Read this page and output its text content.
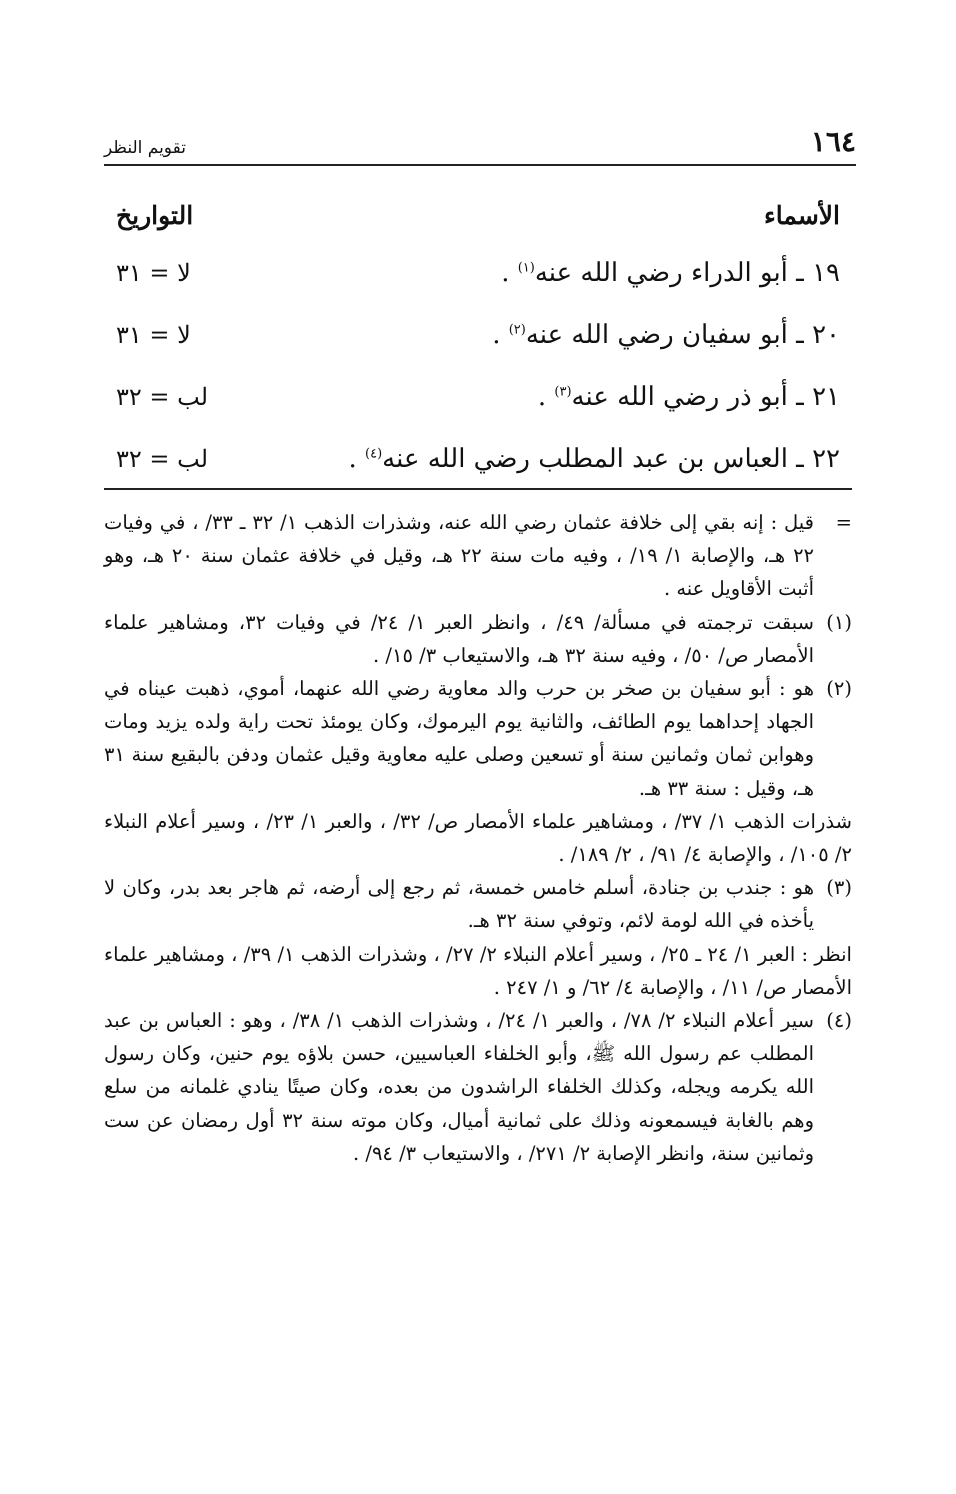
١٦٤
تقويم النظر
الأسماء
التواريخ
١٩ ـ أبو الدراء رضي الله عنه$^{(١)}$ .
لا = ٣١
٢٠ ـ أبو سفيان رضي الله عنه$^{(٢)}$ .
لا = ٣١
٢١ ـ أبو ذر رضي الله عنه$^{(٣)}$ .
لب = ٣٢
٢٢ ـ العباس بن عبد المطلب رضي الله عنه$^{(٤)}$ .
لب = ٣٢
=
قيل : إنه بقي إلى خلافة عثمان رضي الله عنه، وشذرات الذهب ١/ ٣٢ ـ ٣٣/ ، في وفيات ٢٢ هـ، والإصابة ١/ ١٩/ ، وفيه مات سنة ٢٢ هـ، وقيل في خلافة عثمان سنة ٢٠ هـ، وهو أثبت الأقاويل عنه .
(١)
سبقت ترجمته في مسألة/ ٤٩/ ، وانظر العبر ١/ ٢٤/ في وفيات ٣٢، ومشاهير علماء الأمصار ص/ ٥٠/ ، وفيه سنة ٣٢ هـ، والاستيعاب ٣/ ١٥/ .
(٢)
هو : أبو سفيان بن صخر بن حرب والد معاوية رضي الله عنهما، أموي، ذهبت عيناه في الجهاد إحداهما يوم الطائف، والثانية يوم اليرموك، وكان يومئذ تحت راية ولده يزيد ومات وهوابن ثمان وثمانين سنة أو تسعين وصلى عليه معاوية وقيل عثمان ودفن بالبقيع سنة ٣١ هـ، وقيل : سنة ٣٣ هـ.
شذرات الذهب ١/ ٣٧/ ، ومشاهير علماء الأمصار ص/ ٣٢/ ، والعبر ١/ ٢٣/ ، وسير أعلام النبلاء ٢/ ١٠٥/ ، والإصابة ٤/ ٩١/ ، ٢/ ١٨٩/ .
(٣)
هو : جندب بن جنادة، أسلم خامس خمسة، ثم رجع إلى أرضه، ثم هاجر بعد بدر، وكان لا يأخذه في الله لومة لائم، وتوفي سنة ٣٢ هـ.
انظر : العبر ١/ ٢٤ ـ ٢٥/ ، وسير أعلام النبلاء ٢/ ٢٧/ ، وشذرات الذهب ١/ ٣٩/ ، ومشاهير علماء الأمصار ص/ ١١/ ، والإصابة ٤/ ٦٢/ و ١/ ٢٤٧ .
(٤)
سير أعلام النبلاء ٢/ ٧٨/ ، والعبر ١/ ٢٤/ ، وشذرات الذهب ١/ ٣٨/ ، وهو : العباس بن عبد المطلب عم رسول الله ﷺ، وأبو الخلفاء العباسيين، حسن بلاؤه يوم حنين، وكان رسول الله يكرمه ويجله، وكذلك الخلفاء الراشدون من بعده، وكان صيتًا ينادي غلمانه من سلع وهم بالغابة فيسمعونه وذلك على ثمانية أميال، وكان موته سنة ٣٢ أول رمضان عن ست وثمانين سنة، وانظر الإصابة ٢/ ٢٧١/ ، والاستيعاب ٣/ ٩٤/ .
